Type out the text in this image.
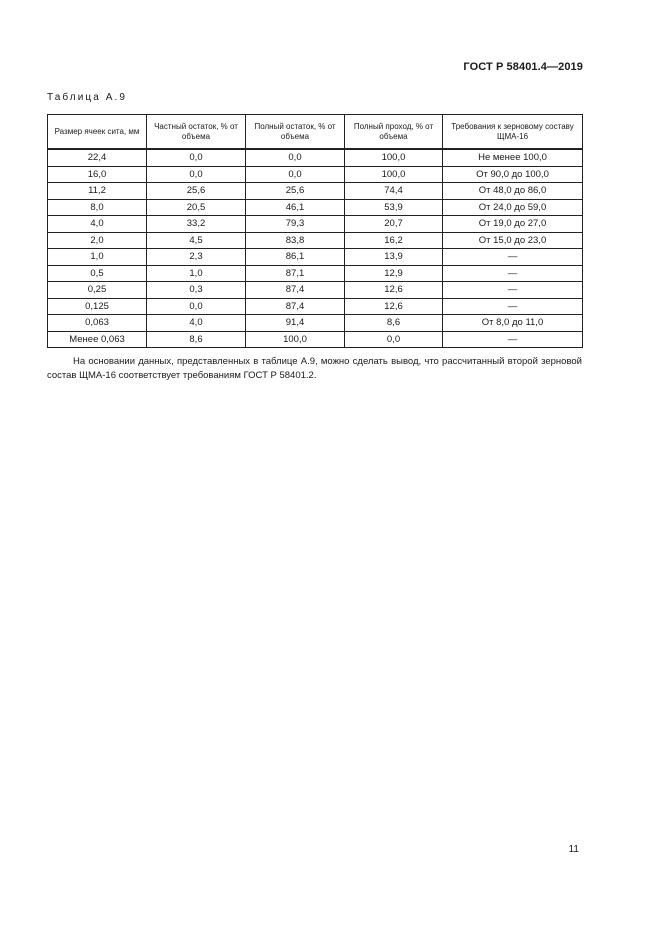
ГОСТ Р 58401.4—2019
Таблица А.9
Размер ячеек сита, мм	Частный остаток, % от объема	Полный остаток, % от объема	Полный проход, % от объема	Требования к зерновому составу ЩМА-16
22,4	0,0	0,0	100,0	Не менее 100,0
16,0	0,0	0,0	100,0	От 90,0 до 100,0
11,2	25,6	25,6	74,4	От 48,0 до 86,0
8,0	20,5	46,1	53,9	От 24,0 до 59,0
4,0	33,2	79,3	20,7	От 19,0 до 27,0
2,0	4,5	83,8	16,2	От 15,0 до 23,0
1,0	2,3	86,1	13,9	—
0,5	1,0	87,1	12,9	—
0,25	0,3	87,4	12,6	—
0,125	0,0	87,4	12,6	—
0,063	4,0	91,4	8,6	От 8,0 до 11,0
Менее 0,063	8,6	100,0	0,0	—
На основании данных, представленных в таблице А.9, можно сделать вывод, что рассчитанный второй зерновой состав ЩМА-16 соответствует требованиям ГОСТ Р 58401.2.
11
